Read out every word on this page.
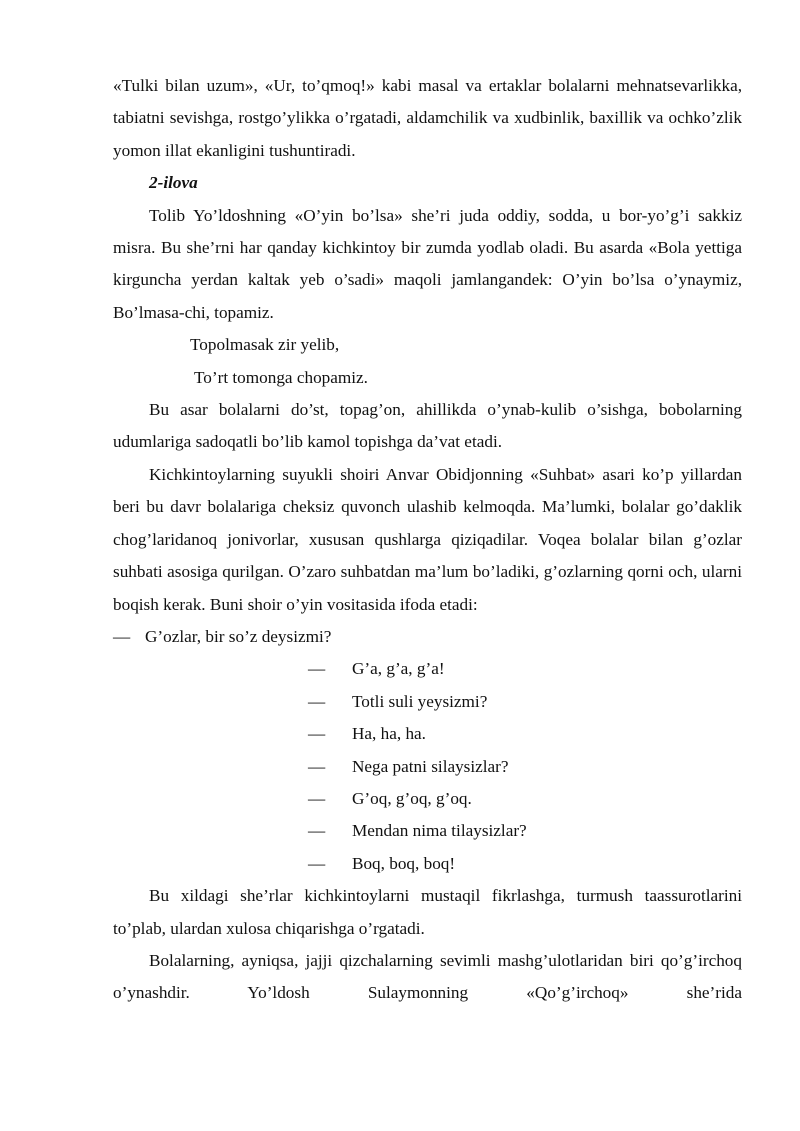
«Tulki bilan uzum», «Ur, to’qmoq!» kabi masal va ertaklar bolalarni mehnatsevarlikka, tabiatni sevishga, rostgo’ylikka o’rgatadi, aldamchilik va xudbinlik, baxillik va ochko’zlik yomon illat ekanligini tushuntiradi.

2-ilova

Tolib Yo’ldoshning «O’yin bo’lsa» she’ri juda oddiy, sodda, u bor-yo’g’i sakkiz misra. Bu she’rni har qanday kichkintoy bir zumda yodlab oladi. Bu asarda «Bola yettiga kirguncha yerdan kaltak yeb o’sadi» maqoli jamlangandek: O’yin bo’lsa o’ynaymiz, Bo’lmasa-chi, topamiz.

Topolmasak zir yelib,

To’rt tomonga chopamiz.

Bu asar bolalarni do’st, topag’on, ahillikda o’ynab-kulib o’sishga, bobolarning udumlariga sadoqatli bo’lib kamol topishga da’vat etadi.

Kichkintoylarning suyukli shoiri Anvar Obidjonning «Suhbat» asari ko’p yillardan beri bu davr bolalariga cheksiz quvonch ulashib kelmoqda. Ma’lumki, bolalar go’daklik chog’laridanoq jonivorlar, xususan qushlarga qiziqadilar. Voqea bolalar bilan g’ozlar suhbati asosiga qurilgan. O’zaro suhbatdan ma’lum bo’ladiki, g’ozlarning qorni och, ularni boqish kerak. Buni shoir o’yin vositasida ifoda etadi:

— G’ozlar, bir so’z deysizmi?

— G’a, g’a, g’a!

— Totli suli yeysizmi?

— Ha, ha, ha.

— Nega patni silaysizlar?

— G’oq, g’oq, g’oq.

— Mendan nima tilaysizlar?

— Boq, boq, boq!

Bu xildagi she’rlar kichkintoylarni mustaqil fikrlashga, turmush taassurotlarini to’plab, ulardan xulosa chiqarishga o’rgatadi.

Bolalarning, ayniqsa, jajji qizchalarning sevimli mashg’ulotlaridan biri qo’g’irchoq o’ynashdir. Yo’ldosh Sulaymonning «Qo’g’irchoq» she’rida
